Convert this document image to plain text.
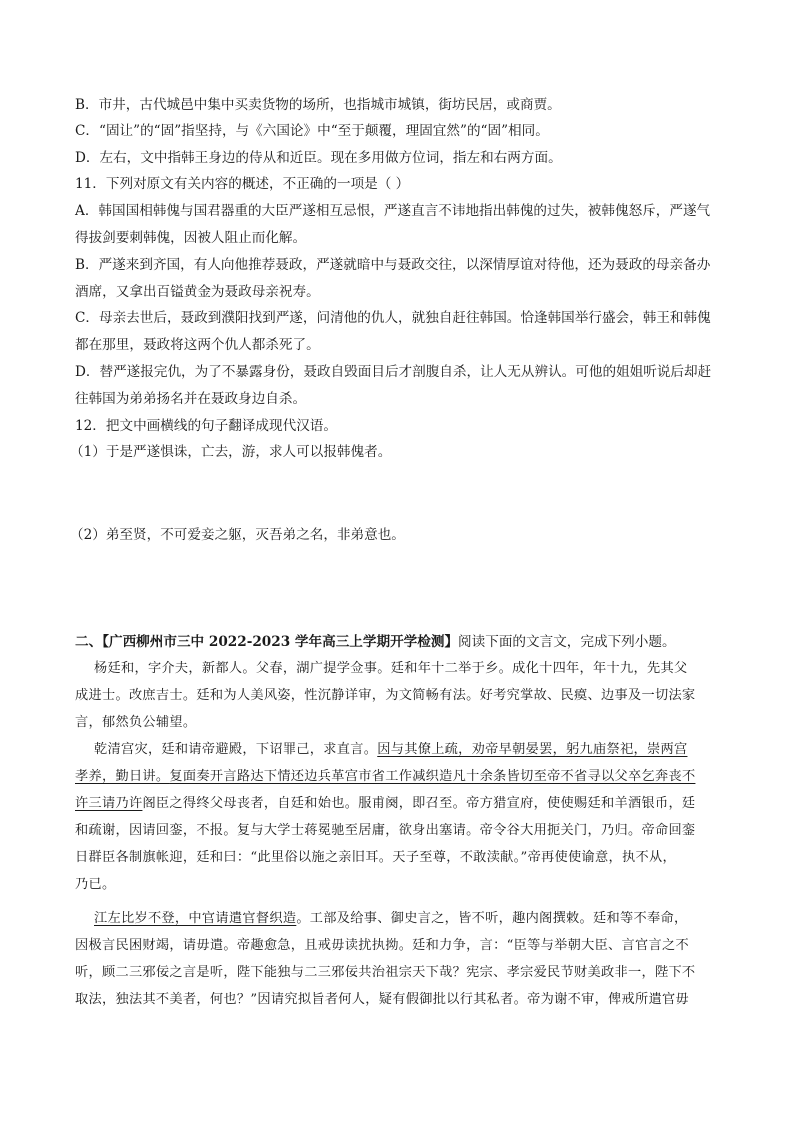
B．市井，古代城邑中集中买卖货物的场所，也指城市城镇，街坊民居，或商贾。
C．“固让”的“固”指坚持，与《六国论》中“至于颠覆，理固宜然”的“固”相同。
D．左右，文中指韩王身边的侍从和近臣。现在多用做方位词，指左和右两方面。
11．下列对原文有关内容的概述，不正确的一项是（ ）
A．韩国国相韩傀与国君器重的大臣严遂相互忌恨，严遂直言不讳地指出韩傀的过失，被韩傀怒斥，严遂气
得拔剑要刺韩傀，因被人阻止而化解。
B．严遂来到齐国，有人向他推荐聂政，严遂就暗中与聂政交往，以深情厚谊对待他，还为聂政的母亲备办
酒席，又拿出百镒黄金为聂政母亲祝寿。
C．母亲去世后，聂政到濮阳找到严遂，问清他的仇人，就独自赶往韩国。恰逢韩国举行盛会，韩王和韩傀
都在那里，聂政将这两个仇人都杀死了。
D．替严遂报完仇，为了不暴露身份，聂政自毁面目后才剖腹自杀，让人无从辨认。可他的姐姐听说后却赶
往韩国为弟弟扬名并在聂政身边自杀。
12．把文中画横线的句子翻译成现代汉语。
（1）于是严遂惧诛，亡去，游，求人可以报韩傀者。
（2）弟至贤，不可爱妾之躯，灭吾弟之名，非弟意也。
二、【广西柳州市三中 2022-2023 学年高三上学期开学检测】阅读下面的文言文，完成下列小题。
杨廷和，字介夫，新都人。父春，湖广提学佥事。廷和年十二举于乡。成化十四年，年十九，先其父
成进士。改庶吉士。廷和为人美风姿，性沉静详审，为文简畅有法。好考究掌故、民瘼、边事及一切法家
言，郁然负公辅望。
乾清宫灾，廷和请帝避殿，下诏罪己，求直言。因与其僚上疏，劝帝早朝晏罢，躬九庙祭祀，崇两宫
孝养，勤日讲。复面奏开言路达下情还边兵革宫市省工作减织造凡十余条皆切至帝不省寻以父卒乞奔丧不
许三请乃许阁臣之得终父母丧者，自廷和始也。服甫阕，即召至。帝方猎宣府，使使赐廷和羊酒银币，廷
和疏谢，因请回銮，不报。复与大学士蒋冕驰至居庸，欲身出塞请。帝令谷大用扼关门，乃归。帝命回銮
日群臣各制旗帐迎，廷和曰：“此里俗以施之亲旧耳。天子至尊，不敢渎献。”帝再使使谕意，执不从，
乃已。
江左比岁不登，中官请遣官督织造。工部及给事、御史言之，皆不听，趣内阁撰敕。廷和等不奉命，
因极言民困财竭，请毋遣。帝趣愈急，且戒毋读扰执拗。廷和力争，言：“臣等与举朝大臣、言官言之不
听，顾二三邪佞之言是听，陛下能独与二三邪佞共治祖宗天下哉？宪宗、孝宗爱民节财美政非一，陛下不
取法，独法其不美者，何也？”因请究拟旨者何人，疑有假御批以行其私者。帝为谢不审，俾戒所遣官毋
